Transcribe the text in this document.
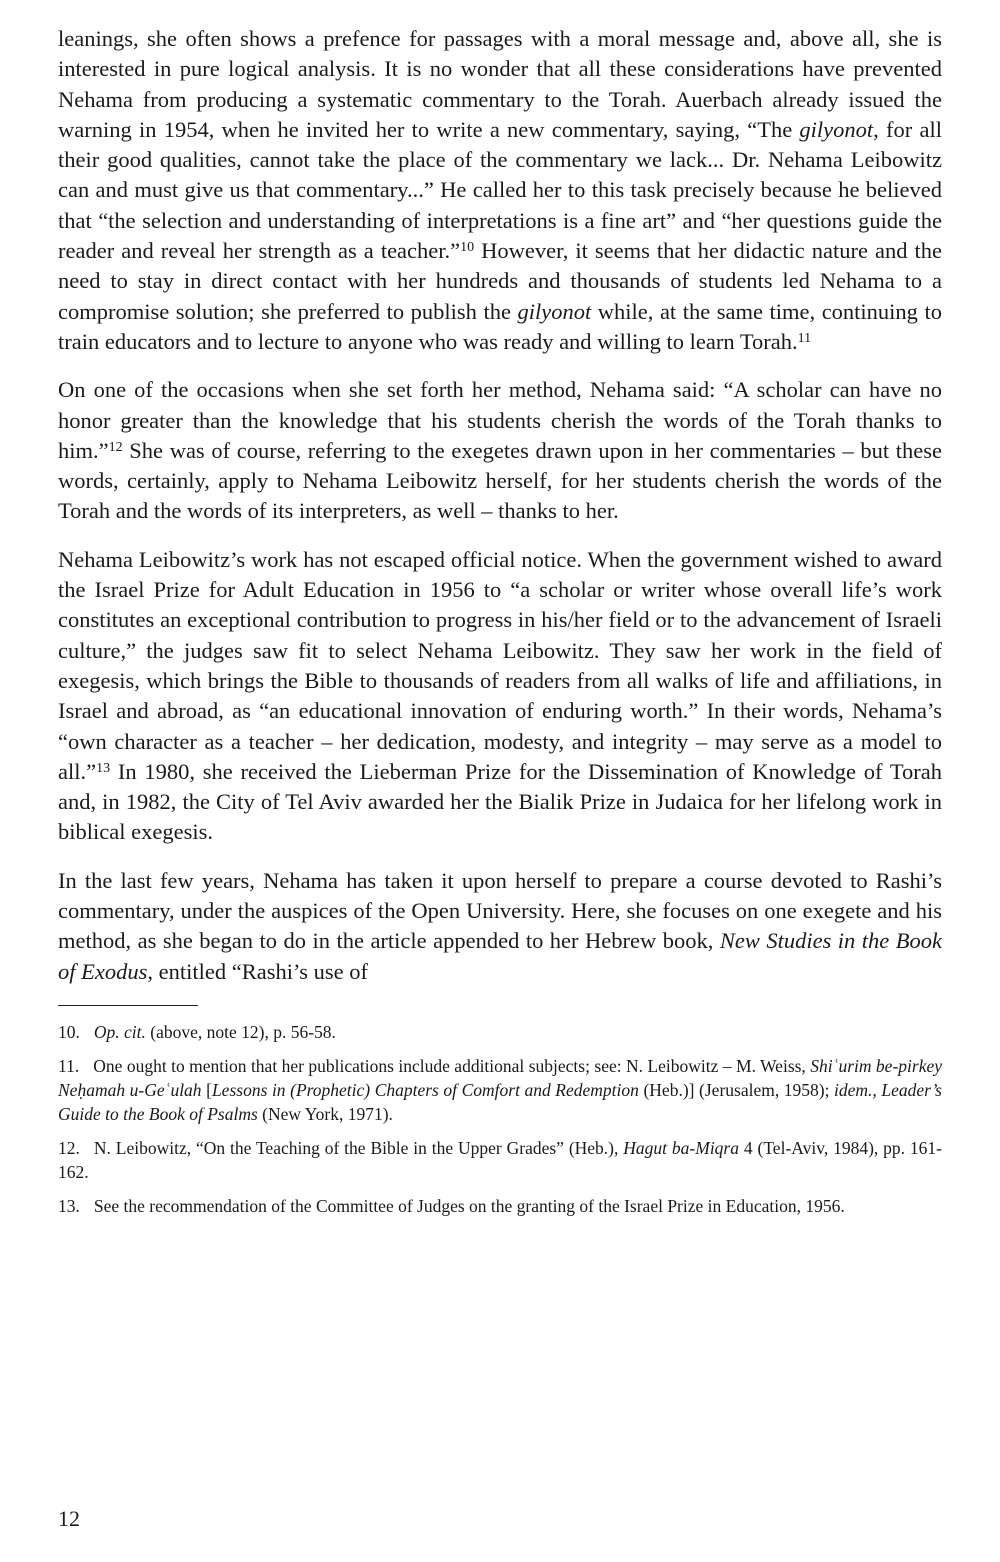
leanings, she often shows a prefence for passages with a moral message and, above all, she is interested in pure logical analysis. It is no wonder that all these considerations have prevented Nehama from producing a systematic commentary to the Torah. Auerbach already issued the warning in 1954, when he invited her to write a new commentary, saying, “The gilyonot, for all their good qualities, cannot take the place of the commentary we lack... Dr. Nehama Leibowitz can and must give us that commentary...” He called her to this task precisely because he believed that “the selection and understanding of interpretations is a fine art” and “her questions guide the reader and reveal her strength as a teacher.”$^{10}$ However, it seems that her didactic nature and the need to stay in direct contact with her hundreds and thousands of students led Nehama to a compromise solution; she preferred to publish the gilyonot while, at the same time, continuing to train educators and to lecture to anyone who was ready and willing to learn Torah.$^{11}$

On one of the occasions when she set forth her method, Nehama said: “A scholar can have no honor greater than the knowledge that his students cherish the words of the Torah thanks to him.”$^{12}$ She was of course, referring to the exegetes drawn upon in her commentaries – but these words, certainly, apply to Nehama Leibowitz herself, for her students cherish the words of the Torah and the words of its interpreters, as well – thanks to her.

Nehama Leibowitz’s work has not escaped official notice. When the government wished to award the Israel Prize for Adult Education in 1956 to “a scholar or writer whose overall life’s work constitutes an exceptional contribution to progress in his/her field or to the advancement of Israeli culture,” the judges saw fit to select Nehama Leibowitz. They saw her work in the field of exegesis, which brings the Bible to thousands of readers from all walks of life and affiliations, in Israel and abroad, as “an educational innovation of enduring worth.” In their words, Nehama’s “own character as a teacher – her dedication, modesty, and integrity – may serve as a model to all.”$^{13}$ In 1980, she received the Lieberman Prize for the Dissemination of Knowledge of Torah and, in 1982, the City of Tel Aviv awarded her the Bialik Prize in Judaica for her lifelong work in biblical exegesis.

In the last few years, Nehama has taken it upon herself to prepare a course devoted to Rashi’s commentary, under the auspices of the Open University. Here, she focuses on one exegete and his method, as she began to do in the article appended to her Hebrew book, New Studies in the Book of Exodus, entitled “Rashi’s use of

10. Op. cit. (above, note 12), p. 56-58.

11. One ought to mention that her publications include additional subjects; see: N. Leibowitz – M. Weiss, Shiʿurim be-pirkey Neḥamah u-Geʿulah [Lessons in (Prophetic) Chapters of Comfort and Redemption (Heb.)] (Jerusalem, 1958); idem., Leader’s Guide to the Book of Psalms (New York, 1971).

12. N. Leibowitz, “On the Teaching of the Bible in the Upper Grades” (Heb.), Hagut ba-Miqra 4 (Tel-Aviv, 1984), pp. 161-162.

13. See the recommendation of the Committee of Judges on the granting of the Israel Prize in Education, 1956.

12
